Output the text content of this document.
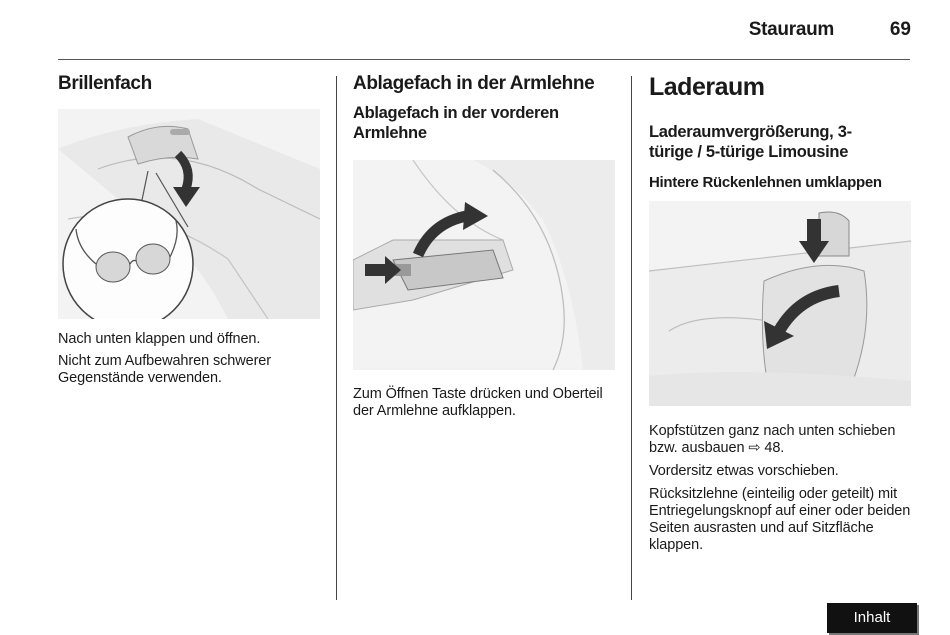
Stauraum	69
Brillenfach

Nach unten klappen und öffnen.

Nicht zum Aufbewahren schwerer Gegenstände verwenden.

Ablagefach in der Armlehne
Ablagefach in der vorderen Armlehne

Zum Öffnen Taste drücken und Oberteil der Armlehne aufklappen.

Laderaum
Laderaumvergrößerung, 3-türige / 5-türige Limousine
Hintere Rückenlehnen umklappen

Kopfstützen ganz nach unten schieben bzw. ausbauen ⇨ 48.

Vordersitz etwas vorschieben.

Rücksitzlehne (einteilig oder geteilt) mit Entriegelungsknopf auf einer oder beiden Seiten ausrasten und auf Sitzfläche klappen.

Inhalt
